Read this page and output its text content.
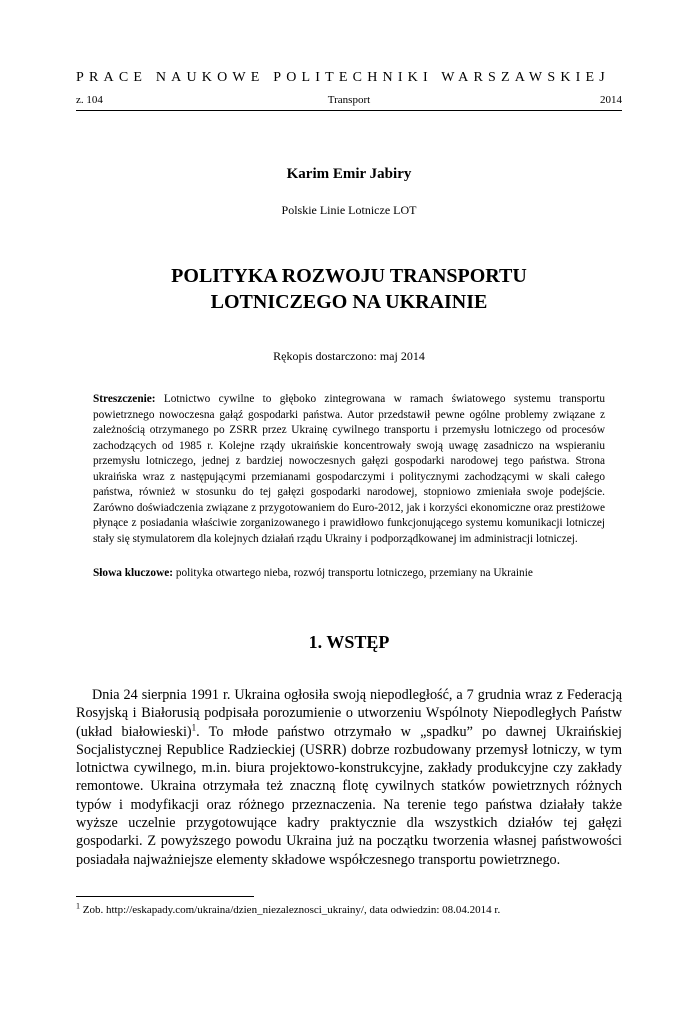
PRACE NAUKOWE POLITECHNIKI WARSZAWSKIEJ
z. 104	Transport	2014
Karim Emir Jabiry
Polskie Linie Lotnicze LOT
POLITYKA ROZWOJU TRANSPORTU
LOTNICZEGO NA UKRAINIE
Rękopis dostarczono: maj 2014
Streszczenie: Lotnictwo cywilne to głęboko zintegrowana w ramach światowego systemu transportu powietrznego nowoczesna gałąź gospodarki państwa. Autor przedstawił pewne ogólne problemy związane z zależnością otrzymanego po ZSRR przez Ukrainę cywilnego transportu i przemysłu lotniczego od procesów zachodzących od 1985 r. Kolejne rządy ukraińskie koncentrowały swoją uwagę zasadniczo na wspieraniu przemysłu lotniczego, jednej z bardziej nowoczesnych gałęzi gospodarki narodowej tego państwa. Strona ukraińska wraz z następującymi przemianami gospodarczymi i politycznymi zachodzącymi w skali całego państwa, również w stosunku do tej gałęzi gospodarki narodowej, stopniowo zmieniała swoje podejście. Zarówno doświadczenia związane z przygotowaniem do Euro-2012, jak i korzyści ekonomiczne oraz prestiżowe płynące z posiadania właściwie zorganizowanego i prawidłowo funkcjonującego systemu komunikacji lotniczej stały się stymulatorem dla kolejnych działań rządu Ukrainy i podporządkowanej im administracji lotniczej.
Słowa kluczowe: polityka otwartego nieba, rozwój transportu lotniczego, przemiany na Ukrainie
1. WSTĘP
Dnia 24 sierpnia 1991 r. Ukraina ogłosiła swoją niepodległość, a 7 grudnia wraz z Federacją Rosyjską i Białorusią podpisała porozumienie o utworzeniu Wspólnoty Niepodległych Państw (układ białowieski)$^1$. To młode państwo otrzymało w „spadku” po dawnej Ukraińskiej Socjalistycznej Republice Radzieckiej (USRR) dobrze rozbudowany przemysł lotniczy, w tym lotnictwa cywilnego, m.in. biura projektowo-konstrukcyjne, zakłady produkcyjne czy zakłady remontowe. Ukraina otrzymała też znaczną flotę cywilnych statków powietrznych różnych typów i modyfikacji oraz różnego przeznaczenia. Na terenie tego państwa działały także wyższe uczelnie przygotowujące kadry praktycznie dla wszystkich działów tej gałęzi gospodarki. Z powyższego powodu Ukraina już na początku tworzenia własnej państwowości posiadała najważniejsze elementy składowe współczesnego transportu powietrznego.
$^1$ Zob. http://eskapady.com/ukraina/dzien_niezaleznosci_ukrainy/, data odwiedzin: 08.04.2014 r.
